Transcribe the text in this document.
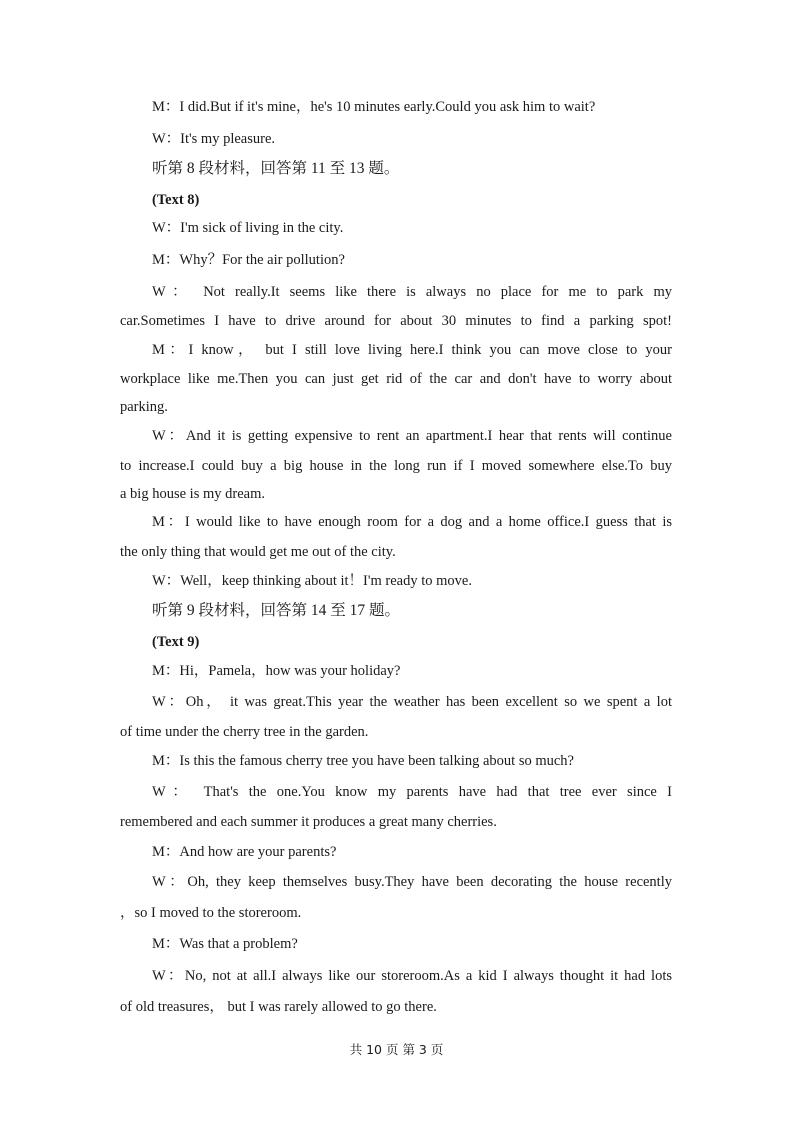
M：I did.But if it's mine，he's 10 minutes early.Could you ask him to wait?
W：It's my pleasure.
听第 8 段材料，回答第 11 至 13 题。
(Text 8)
W：I'm sick of living in the city.
M：Why？For the air pollution?
W： Not really.It seems like there is always no place for me to park my
car.Sometimes I have to drive around for about 30 minutes to find a parking spot!
M：I know， but I still love living here.I think you can move close to your
workplace like me.Then you can just get rid of the car and don't have to worry about
parking.
W：And it is getting expensive to rent an apartment.I hear that rents will continue
to increase.I could buy a big house in the long run if I moved somewhere else.To buy
a big house is my dream.
M：I would like to have enough room for a dog and a home office.I guess that is
the only thing that would get me out of the city.
W：Well，keep thinking about it！I'm ready to move.
听第 9 段材料，回答第 14 至 17 题。
(Text 9)
M：Hi，Pamela，how was your holiday?
W：Oh， it was great.This year the weather has been excellent so we spent a lot
of time under the cherry tree in the garden.
M：Is this the famous cherry tree you have been talking about so much?
W： That's the one.You know my parents have had that tree ever since I
remembered and each summer it produces a great many cherries.
M：And how are your parents?
W：Oh, they keep themselves busy.They have been decorating the house recently
，so I moved to the storeroom.
M：Was that a problem?
W：No, not at all.I always like our storeroom.As a kid I always thought it had lots
of old treasures， but I was rarely allowed to go there.
共 10 页 第 3 页
